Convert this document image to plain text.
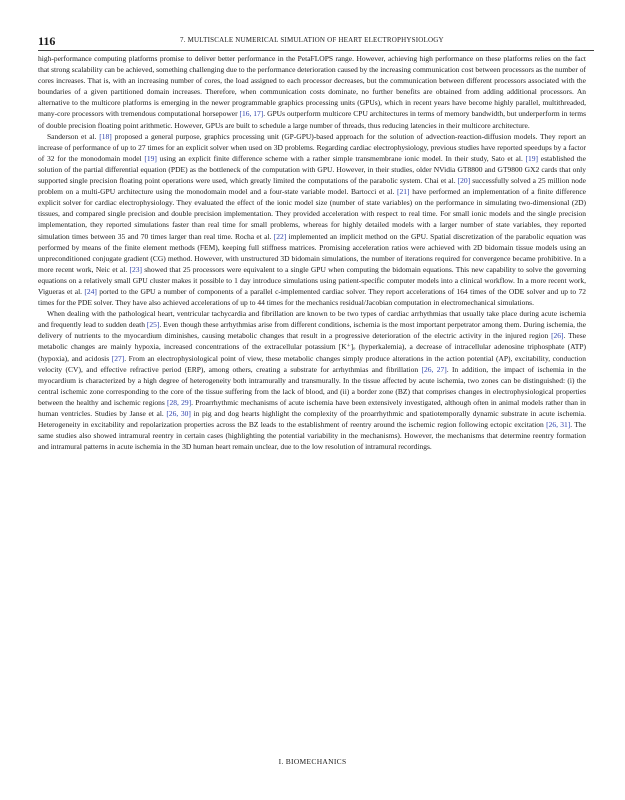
116	7. MULTISCALE NUMERICAL SIMULATION OF HEART ELECTROPHYSIOLOGY

high-performance computing platforms promise to deliver better performance in the PetaFLOPS range. However, achieving high performance on these platforms relies on the fact that strong scalability can be achieved, something challenging due to the performance deterioration caused by the increasing communication cost between processors as the number of cores increases. That is, with an increasing number of cores, the load assigned to each processor decreases, but the communication between different processors associated with the boundaries of a given partitioned domain increases. Therefore, when communication costs dominate, no further benefits are obtained from adding additional processors. An alternative to the multicore platforms is emerging in the newer programmable graphics processing units (GPUs), which in recent years have become highly parallel, multithreaded, many-core processors with tremendous computational horsepower [16, 17]. GPUs outperform multicore CPU architectures in terms of memory bandwidth, but underperform in terms of double precision floating point arithmetic. However, GPUs are built to schedule a large number of threads, thus reducing latencies in their multicore architecture.

Sanderson et al. [18] proposed a general purpose, graphics processing unit (GP-GPU)-based approach for the solution of advection-reaction-diffusion models. They report an increase of performance of up to 27 times for an explicit solver when used on 3D problems. Regarding cardiac electrophysiology, previous studies have reported speedups by a factor of 32 for the monodomain model [19] using an explicit finite difference scheme with a rather simple transmembrane ionic model. In their study, Sato et al. [19] established the solution of the partial differential equation (PDE) as the bottleneck of the computation with GPU. However, in their studies, older NVidia GT8800 and GT9800 GX2 cards that only supported single precision floating point operations were used, which greatly limited the computations of the parabolic system. Chai et al. [20] successfully solved a 25 million node problem on a multi-GPU architecture using the monodomain model and a four-state variable model. Bartocci et al. [21] have performed an implementation of a finite difference explicit solver for cardiac electrophysiology. They evaluated the effect of the ionic model size (number of state variables) on the performance in simulating two-dimensional (2D) tissues, and compared single precision and double precision implementation. They provided acceleration with respect to real time. For small ionic models and the single precision implementation, they reported simulations faster than real time for small problems, whereas for highly detailed models with a larger number of state variables, they reported simulation times between 35 and 70 times larger than real time. Rocha et al. [22] implemented an implicit method on the GPU. Spatial discretization of the parabolic equation was performed by means of the finite element methods (FEM), keeping full stiffness matrices. Promising acceleration ratios were achieved with 2D bidomain tissue models using an unpreconditioned conjugate gradient (CG) method. However, with unstructured 3D bidomain simulations, the number of iterations required for convergence became prohibitive. In a more recent work, Neic et al. [23] showed that 25 processors were equivalent to a single GPU when computing the bidomain equations. This new capability to solve the governing equations on a relatively small GPU cluster makes it possible to 1 day introduce simulations using patient-specific computer models into a clinical workflow. In a more recent work, Vigueras et al. [24] ported to the GPU a number of components of a parallel c-implemented cardiac solver. They report accelerations of 164 times of the ODE solver and up to 72 times for the PDE solver. They have also achieved accelerations of up to 44 times for the mechanics residual/Jacobian computation in electromechanical simulations.

When dealing with the pathological heart, ventricular tachycardia and fibrillation are known to be two types of cardiac arrhythmias that usually take place during acute ischemia and frequently lead to sudden death [25]. Even though these arrhythmias arise from different conditions, ischemia is the most important perpetrator among them. During ischemia, the delivery of nutrients to the myocardium diminishes, causing metabolic changes that result in a progressive deterioration of the electric activity in the injured region [26]. These metabolic changes are mainly hypoxia, increased concentrations of the extracellular potassium [K⁺]ₒ (hyperkalemia), a decrease of intracellular adenosine triphosphate (ATP) (hypoxia), and acidosis [27]. From an electrophysiological point of view, these metabolic changes simply produce alterations in the action potential (AP), excitability, conduction velocity (CV), and effective refractive period (ERP), among others, creating a substrate for arrhythmias and fibrillation [26, 27]. In addition, the impact of ischemia in the myocardium is characterized by a high degree of heterogeneity both intramurally and transmurally. In the tissue affected by acute ischemia, two zones can be distinguished: (i) the central ischemic zone corresponding to the core of the tissue suffering from the lack of blood, and (ii) a border zone (BZ) that comprises changes in electrophysiological properties between the healthy and ischemic regions [28, 29]. Proarrhythmic mechanisms of acute ischemia have been extensively investigated, although often in animal models rather than in human ventricles. Studies by Janse et al. [26, 30] in pig and dog hearts highlight the complexity of the proarrhythmic and spatiotemporally dynamic substrate in acute ischemia. Heterogeneity in excitability and repolarization properties across the BZ leads to the establishment of reentry around the ischemic region following ectopic excitation [26, 31]. The same studies also showed intramural reentry in certain cases (highlighting the potential variability in the mechanisms). However, the mechanisms that determine reentry formation and intramural patterns in acute ischemia in the 3D human heart remain unclear, due to the low resolution of intramural recordings.

I. BIOMECHANICS
